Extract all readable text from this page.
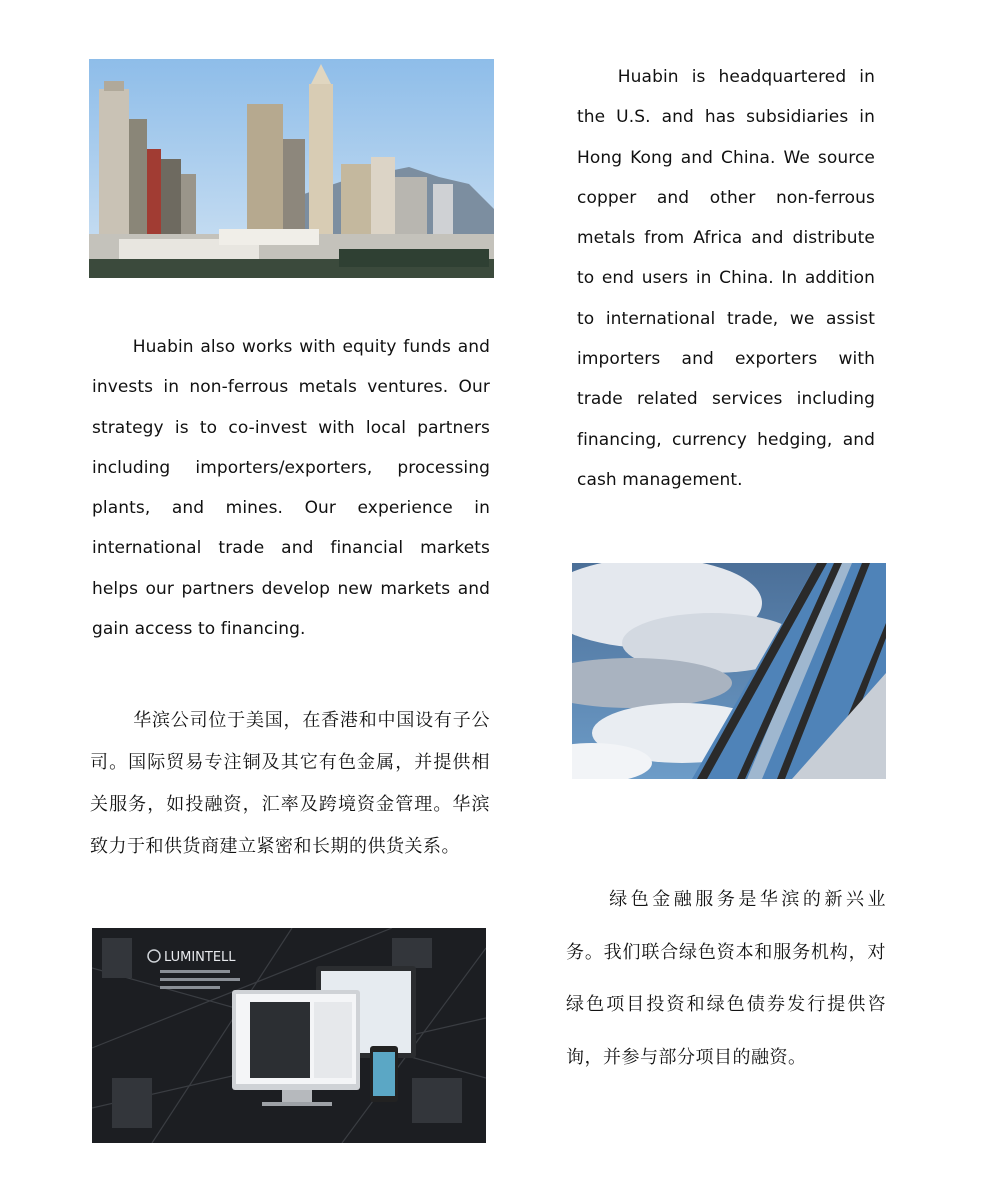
Huabin is headquartered in the U.S. and has subsidiaries in Hong Kong and China. We source copper and other non-ferrous metals from Africa and distribute to end users in China. In addition to international trade, we assist importers and exporters with trade related services including financing, currency hedging, and cash management.

Huabin also works with equity funds and invests in non-ferrous metals ventures. Our strategy is to co-invest with local partners including importers/exporters, processing plants, and mines. Our experience in international trade and financial markets helps our partners develop new markets and gain access to financing.

华滨公司位于美国，在香港和中国设有子公司。国际贸易专注铜及其它有色金属，并提供相关服务，如投融资，汇率及跨境资金管理。华滨致力于和供货商建立紧密和长期的供货关系。

绿色金融服务是华滨的新兴业务。我们联合绿色资本和服务机构，对绿色项目投资和绿色债券发行提供咨询，并参与部分项目的融资。

LUMINTELL
